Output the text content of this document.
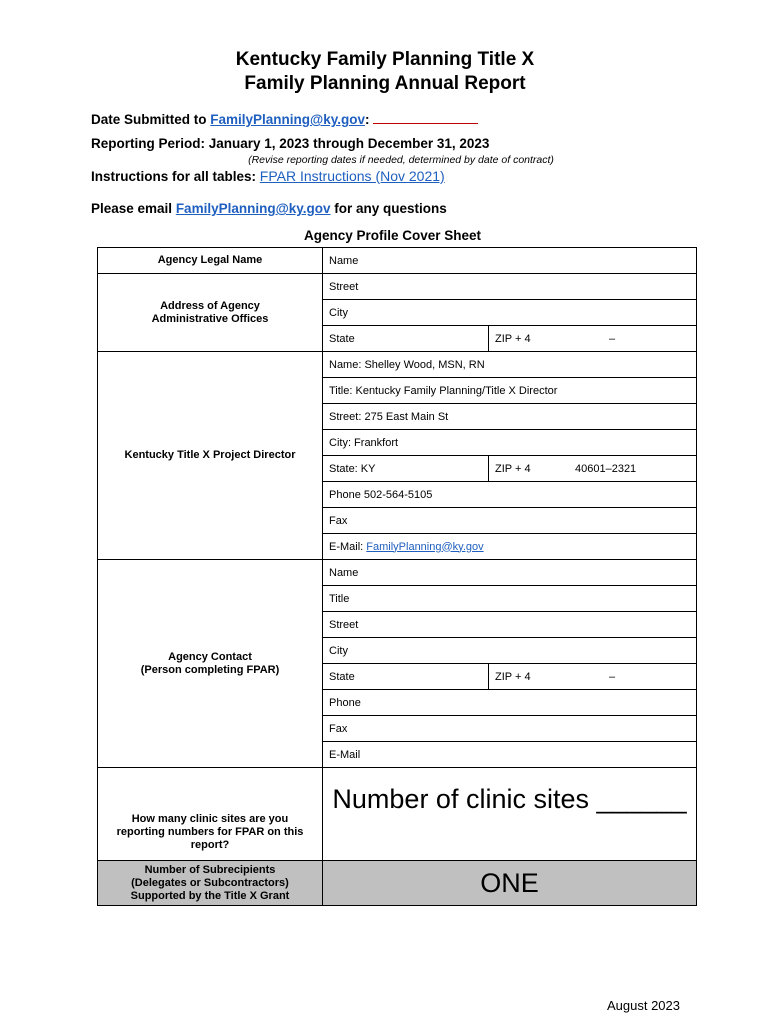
Kentucky Family Planning Title X
Family Planning Annual Report
Date Submitted to FamilyPlanning@ky.gov:
Reporting Period: January 1, 2023 through December 31, 2023
(Revise reporting dates if needed, determined by date of contract)
Instructions for all tables: FPAR Instructions (Nov 2021)
Please email FamilyPlanning@ky.gov for any questions
Agency Profile Cover Sheet
Agency Legal Name	Name	

Address of Agency
Administrative Offices	Street	
	City	
	State	ZIP + 4 –

Kentucky Title X Project Director	Name: Shelley Wood, MSN, RN	
	Title: Kentucky Family Planning/Title X Director	
	Street: 275 East Main St	
	City: Frankfort	
	State: KY	ZIP + 4 40601–2321

	Phone 502-564-5105	
	Fax	
	E-Mail: FamilyPlanning@ky.gov	

Agency Contact
(Person completing FPAR)	Name	
	Title	
	Street	
	City	
	State	ZIP + 4 –

	Phone	
	Fax	
	E-Mail	

How many clinic sites are you
reporting numbers for FPAR on this
report?	Number of clinic sites ______	

Number of Subrecipients
(Delegates or Subcontractors)
Supported by the Title X Grant	ONE	
August 2023
